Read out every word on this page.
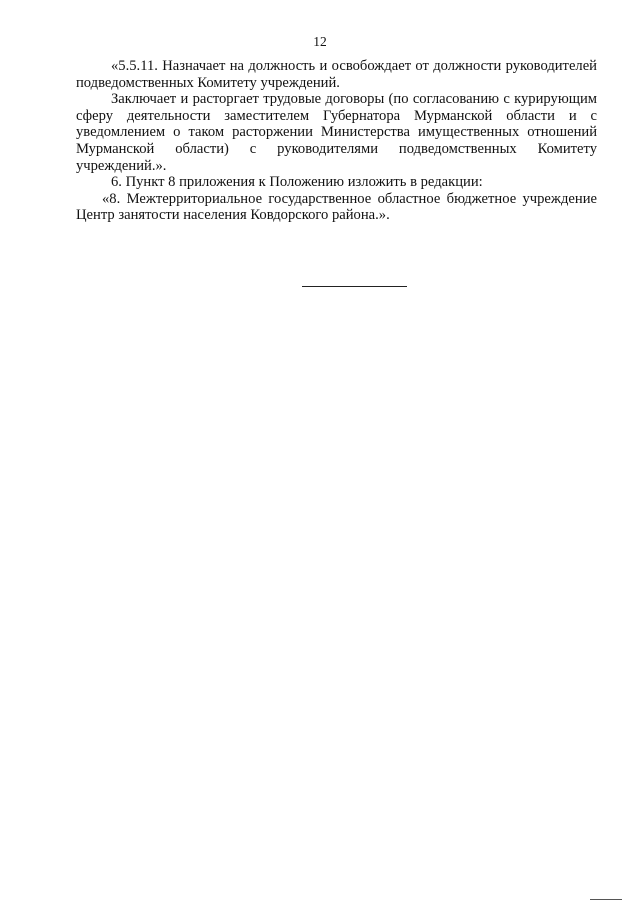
12

«5.5.11. Назначает на должность и освобождает от должности руководителей подведомственных Комитету учреждений.

Заключает и расторгает трудовые договоры (по согласованию с курирующим сферу деятельности заместителем Губернатора Мурманской области и с уведомлением о таком расторжении Министерства имущественных отношений Мурманской области) с руководителями подведомственных Комитету учреждений.».

6. Пункт 8 приложения к Положению изложить в редакции:

«8. Межтерриториальное государственное областное бюджетное учреждение Центр занятости населения Ковдорского района.».
